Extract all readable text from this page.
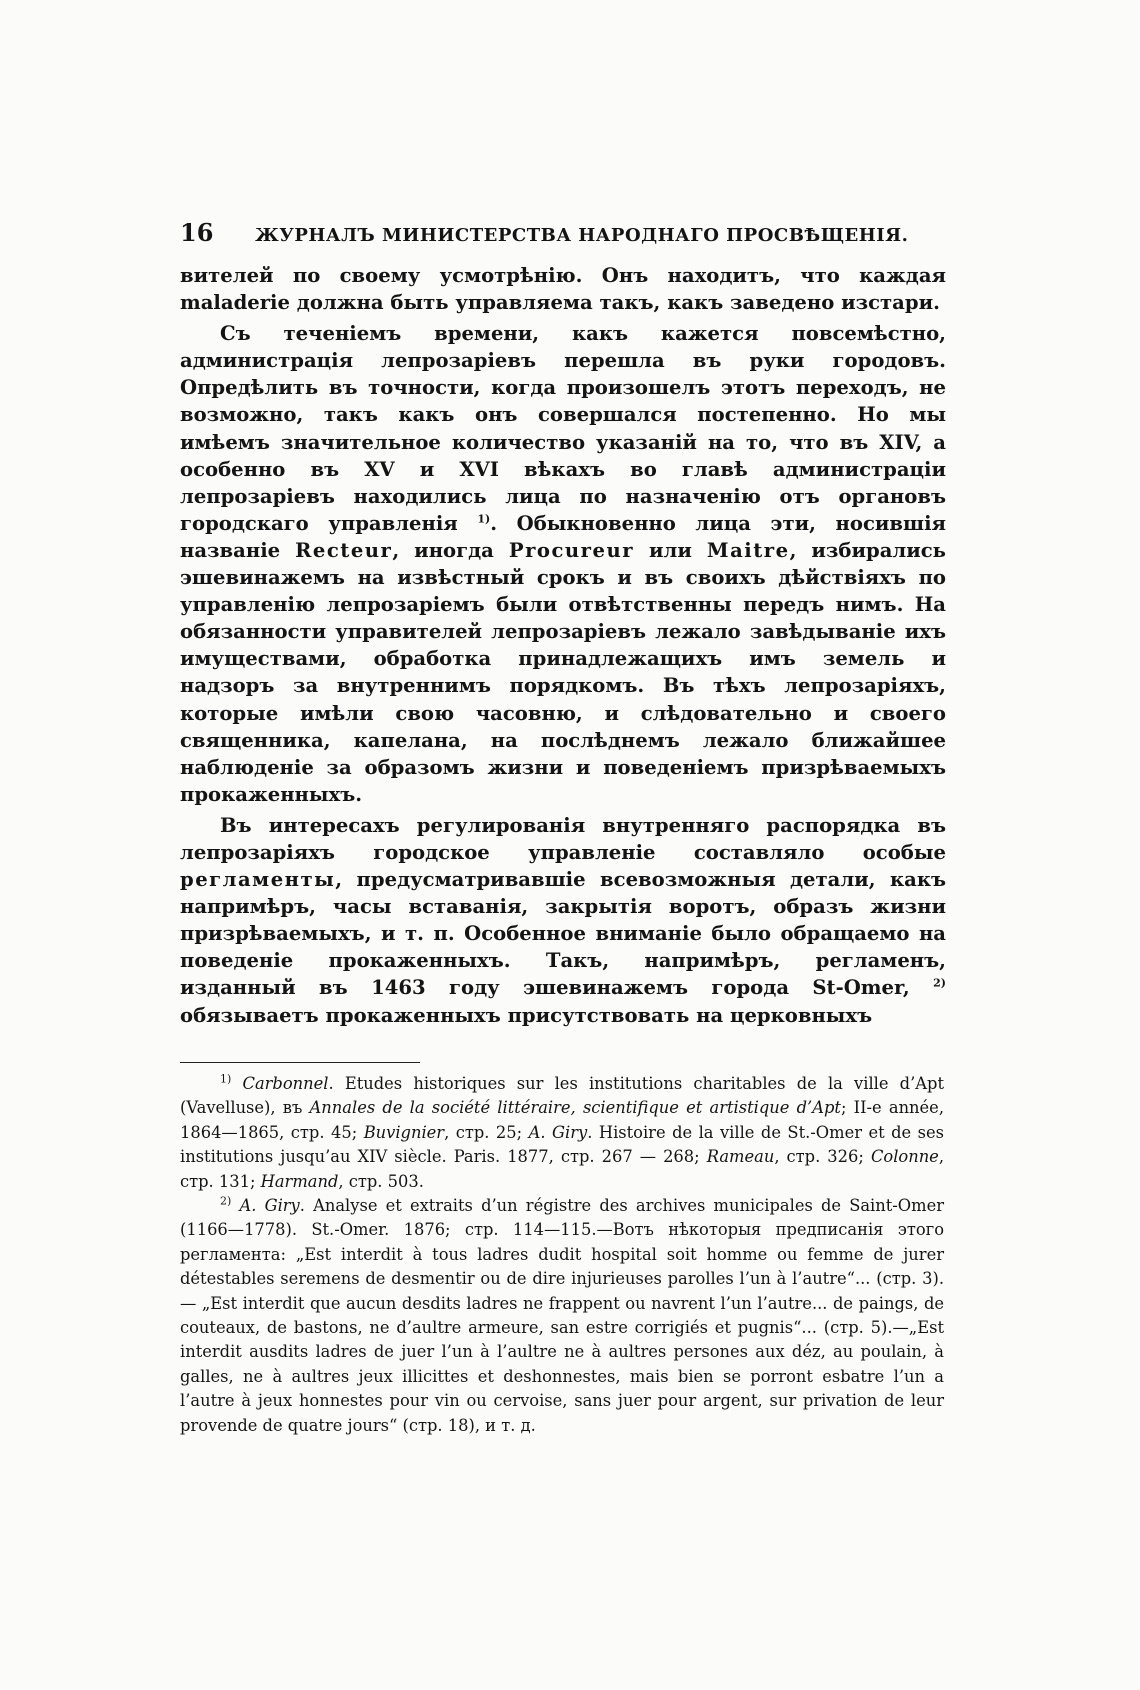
16 ЖУРНАЛЪ МИНИСТЕРСТВА НАРОДНАГО ПРОСВѢЩЕНІЯ.

вителей по своему усмотрѣнію. Онъ находитъ, что каждая maladerie должна быть управляема такъ, какъ заведено изстари.

Съ теченіемъ времени, какъ кажется повсемѣстно, администрація лепрозаріевъ перешла въ руки городовъ. Опредѣлить въ точности, когда произошелъ этотъ переходъ, не возможно, такъ какъ онъ совершался постепенно. Но мы имѣемъ значительное количество указаній на то, что въ XIV, а особенно въ XV и XVI вѣкахъ во главѣ администраціи лепрозаріевъ находились лица по назначенію отъ органовъ городскаго управленія $^{1)}$. Обыкновенно лица эти, носившія названіе Recteur, иногда Procureur или Maitre, избирались эшевинажемъ на извѣстный срокъ и въ своихъ дѣйствіяхъ по управленію лепрозаріемъ были отвѣтственны передъ нимъ. На обязанности управителей лепрозаріевъ лежало завѣдываніе ихъ имуществами, обработка принадлежащихъ имъ земель и надзоръ за внутреннимъ порядкомъ. Въ тѣхъ лепрозаріяхъ, которые имѣли свою часовню, и слѣдовательно и своего священника, капелана, на послѣднемъ лежало ближайшее наблюденіе за образомъ жизни и поведеніемъ призрѣваемыхъ прокаженныхъ.

Въ интересахъ регулированія внутренняго распорядка въ лепрозаріяхъ городское управленіе составляло особые регламенты, предусматривавшіе всевозможныя детали, какъ напримѣръ, часы вставанія, закрытія воротъ, образъ жизни призрѣваемыхъ, и т. п. Особенное вниманіе было обращаемо на поведеніе прокаженныхъ. Такъ, напримѣръ, регламенъ, изданный въ 1463 году эшевинажемъ города St-Omer, $^{2)}$ обязываетъ прокаженныхъ присутствовать на церковныхъ

$^{1)}$ Carbonnel. Etudes historiques sur les institutions charitables de la ville d’Apt (Vavelluse), въ Annales de la société littéraire, scientifique et artistique d’Apt; II-e année, 1864—1865, стр. 45; Buvignier, стр. 25; A. Giry. Histoire de la ville de St.-Omer et de ses institutions jusqu’au XIV siècle. Paris. 1877, стр. 267 — 268; Rameau, стр. 326; Colonne, стр. 131; Harmand, стр. 503.

$^{2)}$ A. Giry. Analyse et extraits d’un régistre des archives municipales de Saint-Omer (1166—1778). St.-Omer. 1876; стр. 114—115.—Вотъ нѣкоторыя предписанія этого регламента: „Est interdit à tous ladres dudit hospital soit homme ou femme de jurer détestables seremens de desmentir ou de dire injurieuses parolles l’un à l’autre“... (стр. 3). — „Est interdit que aucun desdits ladres ne frappent ou navrent l’un l’autre... de paings, de couteaux, de bastons, ne d’aultre armeure, san estre corrigiés et pugnis“... (стр. 5).—„Est interdit ausdits ladres de juer l’un à l’aultre ne à aultres persones aux déz, au poulain, à galles, ne à aultres jeux illicittes et deshonnestes, mais bien se porront esbatre l’un a l’autre à jeux honnestes pour vin ou cervoise, sans juer pour argent, sur privation de leur provende de quatre jours“ (стр. 18), и т. д.
